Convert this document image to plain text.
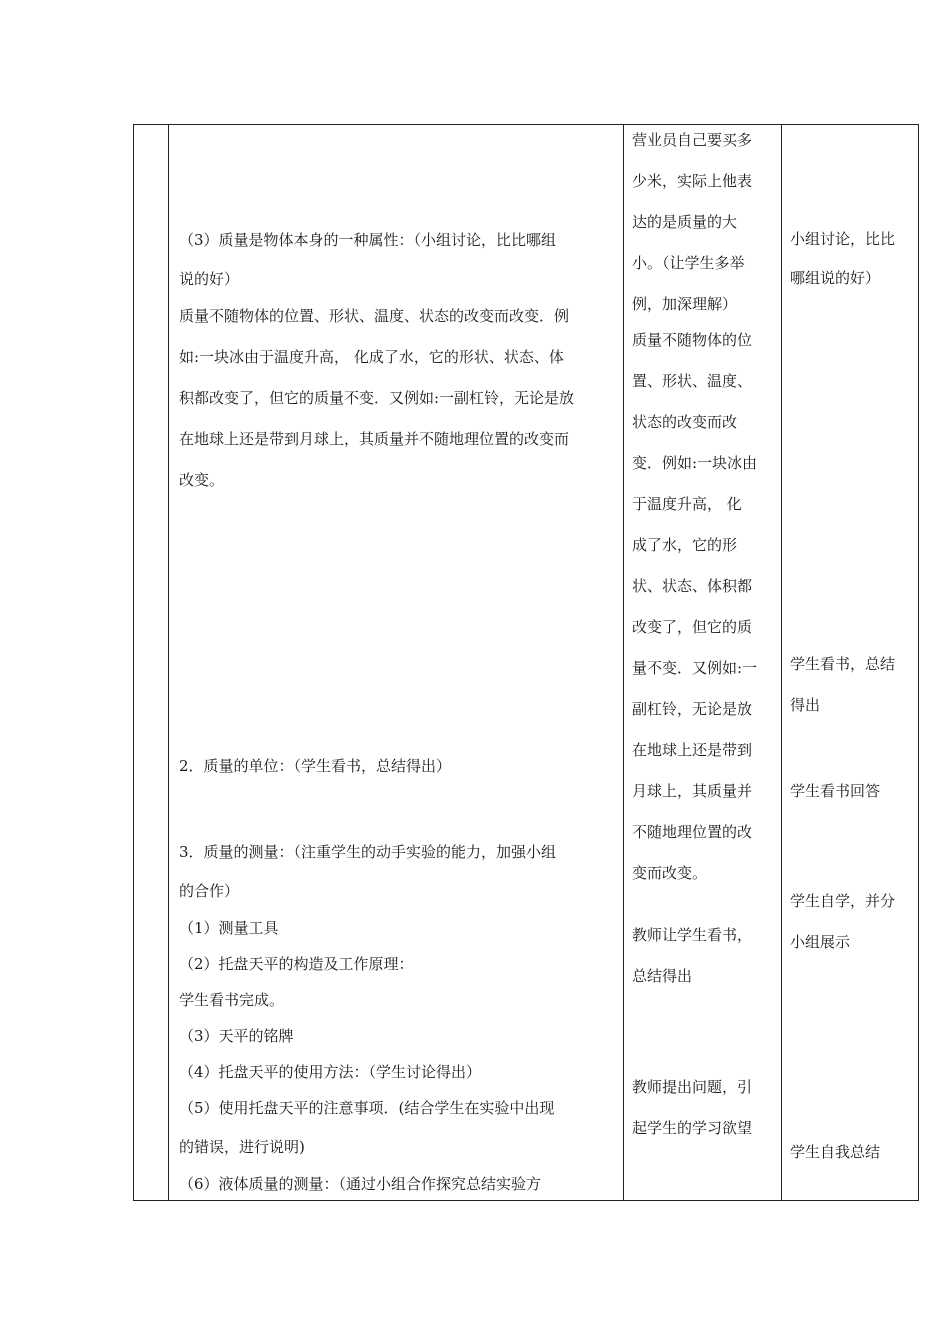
（3）质量是物体本身的一种属性：（小组讨论，比比哪组
说的好）
质量不随物体的位置、形状、温度、状态的改变而改变．例
如:一块冰由于温度升高， 化成了水，它的形状、状态、体
积都改变了，但它的质量不变．又例如:一副杠铃，无论是放
在地球上还是带到月球上，其质量并不随地理位置的改变而
改变。
2．质量的单位：（学生看书，总结得出）
3．质量的测量：（注重学生的动手实验的能力，加强小组
的合作）
（1）测量工具
（2）托盘天平的构造及工作原理：
学生看书完成。
（3）天平的铭牌
（4）托盘天平的使用方法：（学生讨论得出）
（5）使用托盘天平的注意事项．(结合学生在实验中出现
的错误，进行说明)
（6）液体质量的测量：（通过小组合作探究总结实验方
营业员自己要买多
少米，实际上他表
达的是质量的大
小。（让学生多举
例，加深理解）
质量不随物体的位
置、形状、温度、
状态的改变而改
变．例如:一块冰由
于温度升高， 化
成了水，它的形
状、状态、体积都
改变了，但它的质
量不变．又例如:一
副杠铃，无论是放
在地球上还是带到
月球上，其质量并
不随地理位置的改
变而改变。
教师让学生看书，
总结得出
教师提出问题，引
起学生的学习欲望
小组讨论，比比
哪组说的好）
学生看书，总结
得出
学生看书回答
学生自学，并分
小组展示
学生自我总结
